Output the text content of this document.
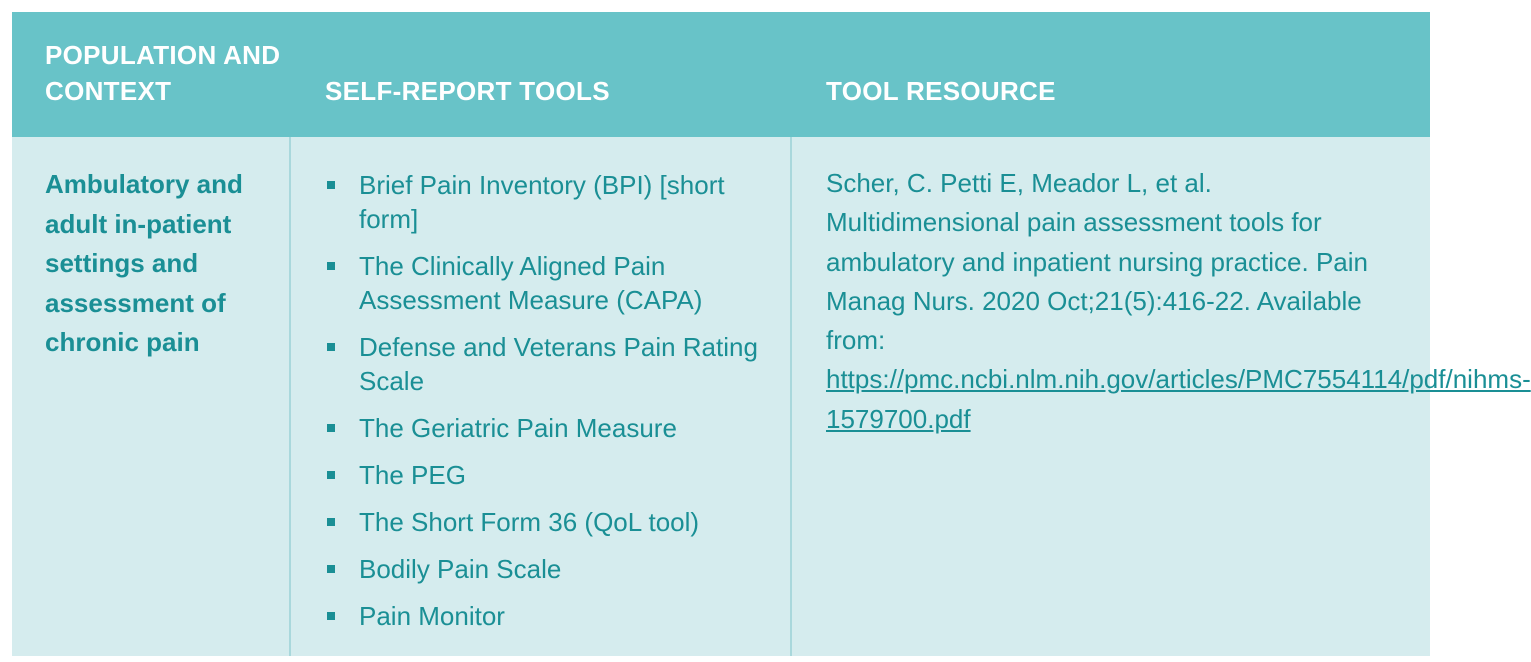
POPULATION AND CONTEXT	SELF-REPORT TOOLS	TOOL RESOURCE
Ambulatory and adult in-patient settings and assessment of chronic pain
Brief Pain Inventory (BPI) [short form]
The Clinically Aligned Pain Assessment Measure (CAPA)
Defense and Veterans Pain Rating Scale
The Geriatric Pain Measure
The PEG
The Short Form 36 (QoL tool)
Bodily Pain Scale
Pain Monitor
Scher, C. Petti E, Meador L, et al. Multidimensional pain assessment tools for ambulatory and inpatient nursing practice. Pain Manag Nurs. 2020 Oct;21(5):416-22. Available from: https://pmc.ncbi.nlm.nih.gov/articles/PMC7554114/pdf/nihms-1579700.pdf
